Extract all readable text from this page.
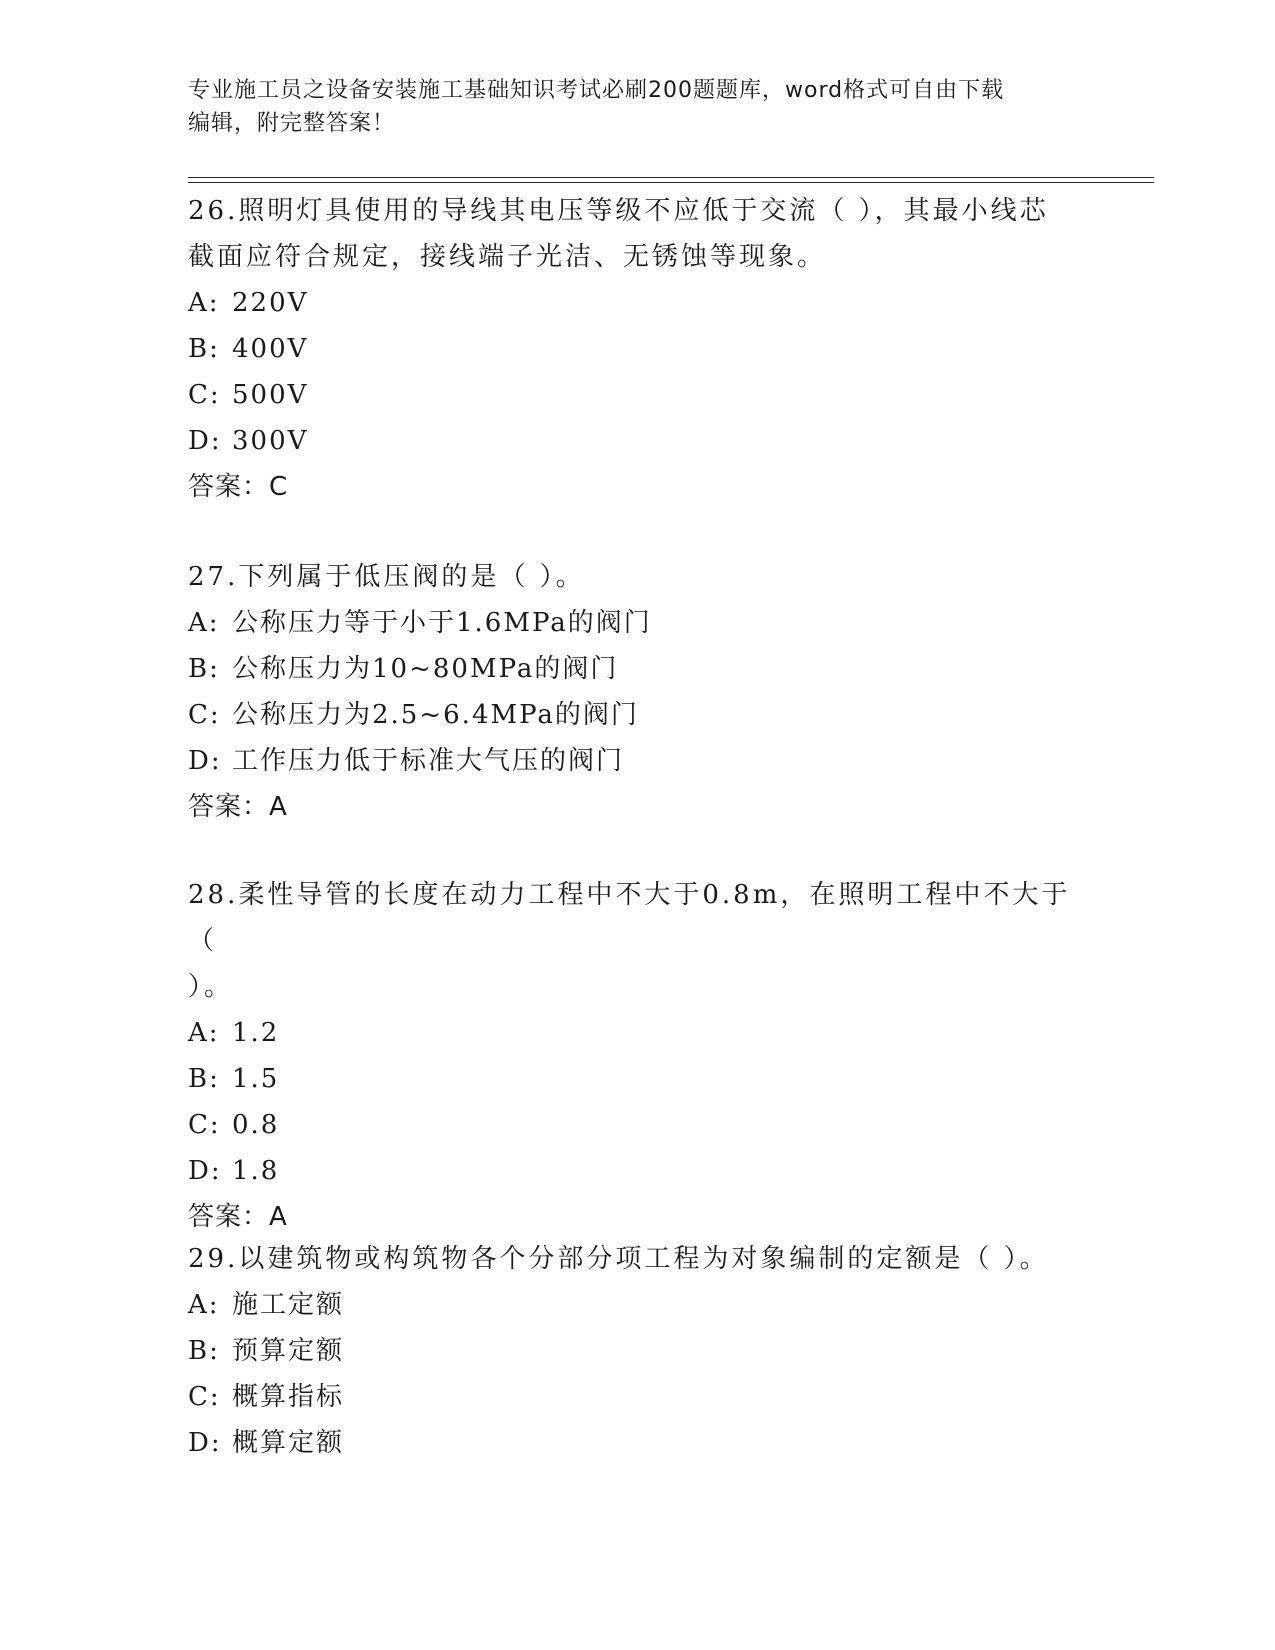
专业施工员之设备安装施工基础知识考试必刷200题题库，word格式可自由下载
编辑，附完整答案！

26.照明灯具使用的导线其电压等级不应低于交流（ ），其最小线芯

截面应符合规定，接线端子光洁、无锈蚀等现象。

A: 220V

B: 400V

C: 500V

D: 300V

答案：C

27.下列属于低压阀的是（ ）。

A: 公称压力等于小于1.6MPa的阀门

B: 公称压力为10~80MPa的阀门

C: 公称压力为2.5~6.4MPa的阀门

D: 工作压力低于标准大气压的阀门

答案：A

28.柔性导管的长度在动力工程中不大于0.8m，在照明工程中不大于（

）。

A: 1.2

B: 1.5

C: 0.8

D: 1.8

答案：A

29.以建筑物或构筑物各个分部分项工程为对象编制的定额是（ ）。

A: 施工定额

B: 预算定额

C: 概算指标

D: 概算定额
